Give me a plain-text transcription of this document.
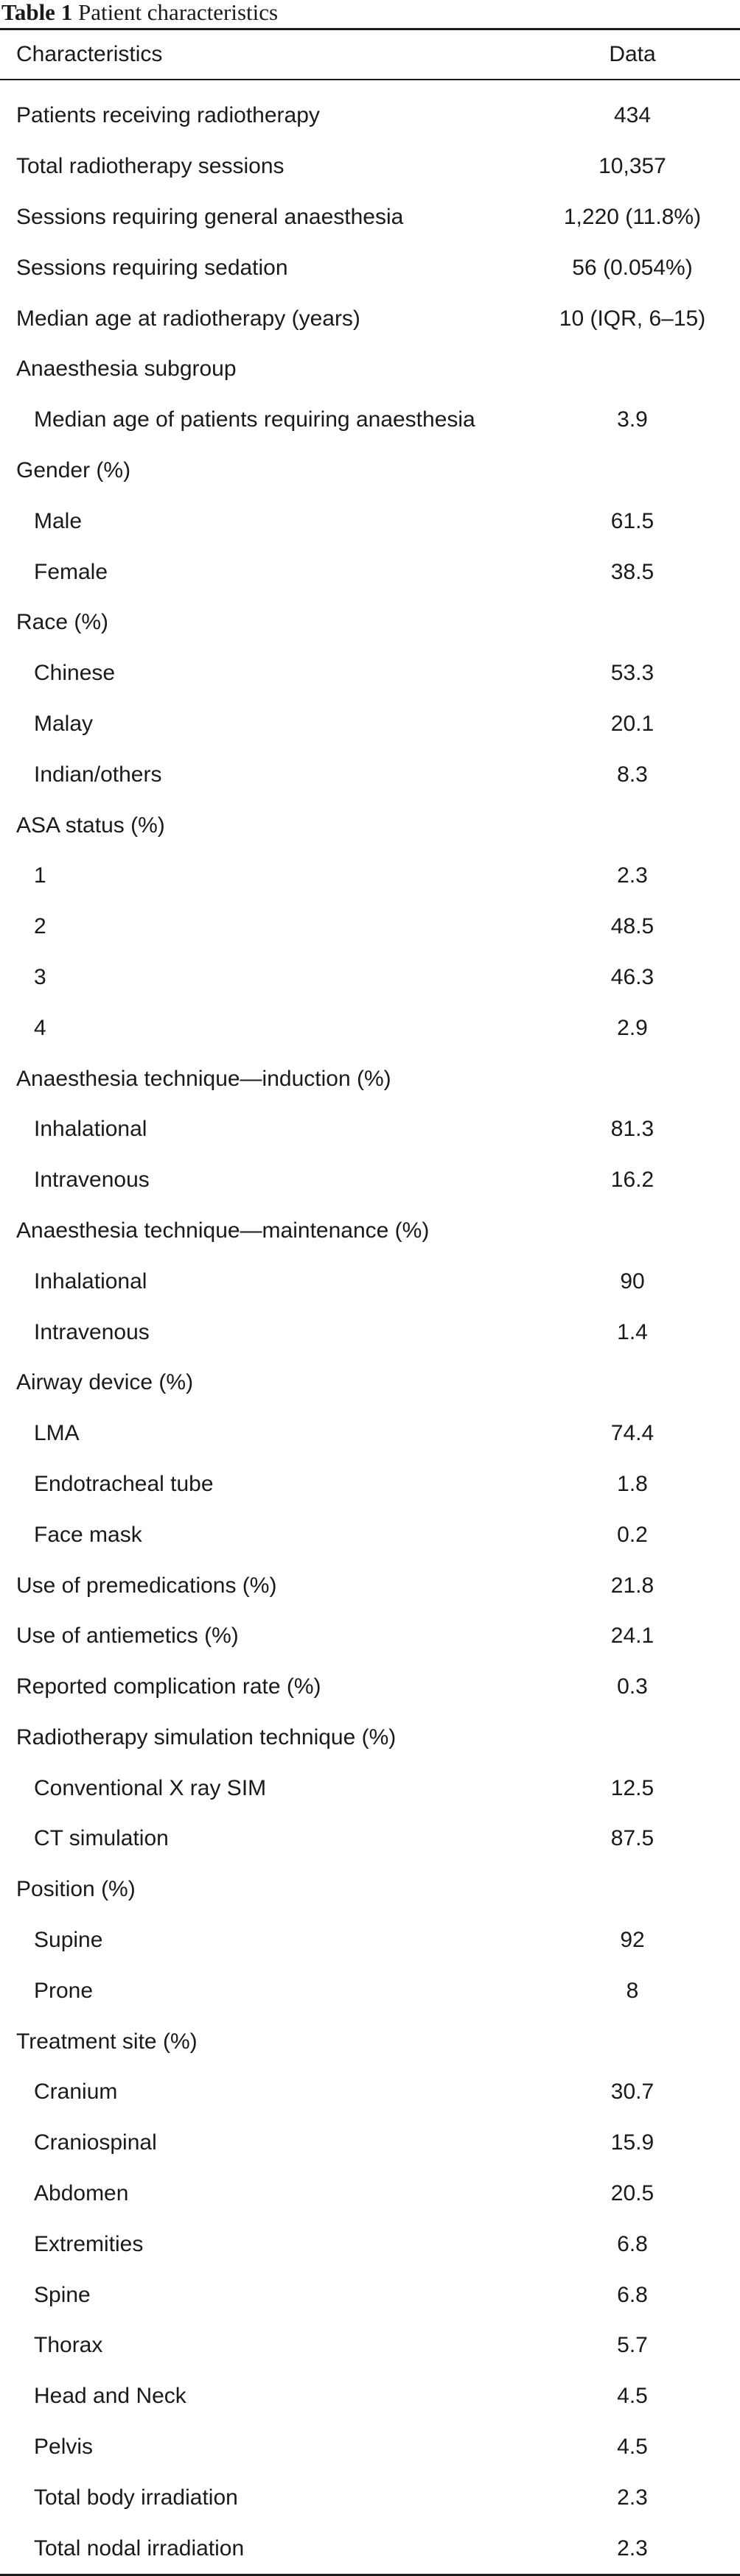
Table 1 Patient characteristics
Characteristics	Data
Patients receiving radiotherapy	434
Total radiotherapy sessions	10,357
Sessions requiring general anaesthesia	1,220 (11.8%)
Sessions requiring sedation	56 (0.054%)
Median age at radiotherapy (years)	10 (IQR, 6–15)
Anaesthesia subgroup
Median age of patients requiring anaesthesia	3.9
Gender (%)
Male	61.5
Female	38.5
Race (%)
Chinese	53.3
Malay	20.1
Indian/others	8.3
ASA status (%)
1	2.3
2	48.5
3	46.3
4	2.9
Anaesthesia technique—induction (%)
Inhalational	81.3
Intravenous	16.2
Anaesthesia technique—maintenance (%)
Inhalational	90
Intravenous	1.4
Airway device (%)
LMA	74.4
Endotracheal tube	1.8
Face mask	0.2
Use of premedications (%)	21.8
Use of antiemetics (%)	24.1
Reported complication rate (%)	0.3
Radiotherapy simulation technique (%)
Conventional X ray SIM	12.5
CT simulation	87.5
Position (%)
Supine	92
Prone	8
Treatment site (%)
Cranium	30.7
Craniospinal	15.9
Abdomen	20.5
Extremities	6.8
Spine	6.8
Thorax	5.7
Head and Neck	4.5
Pelvis	4.5
Total body irradiation	2.3
Total nodal irradiation	2.3
